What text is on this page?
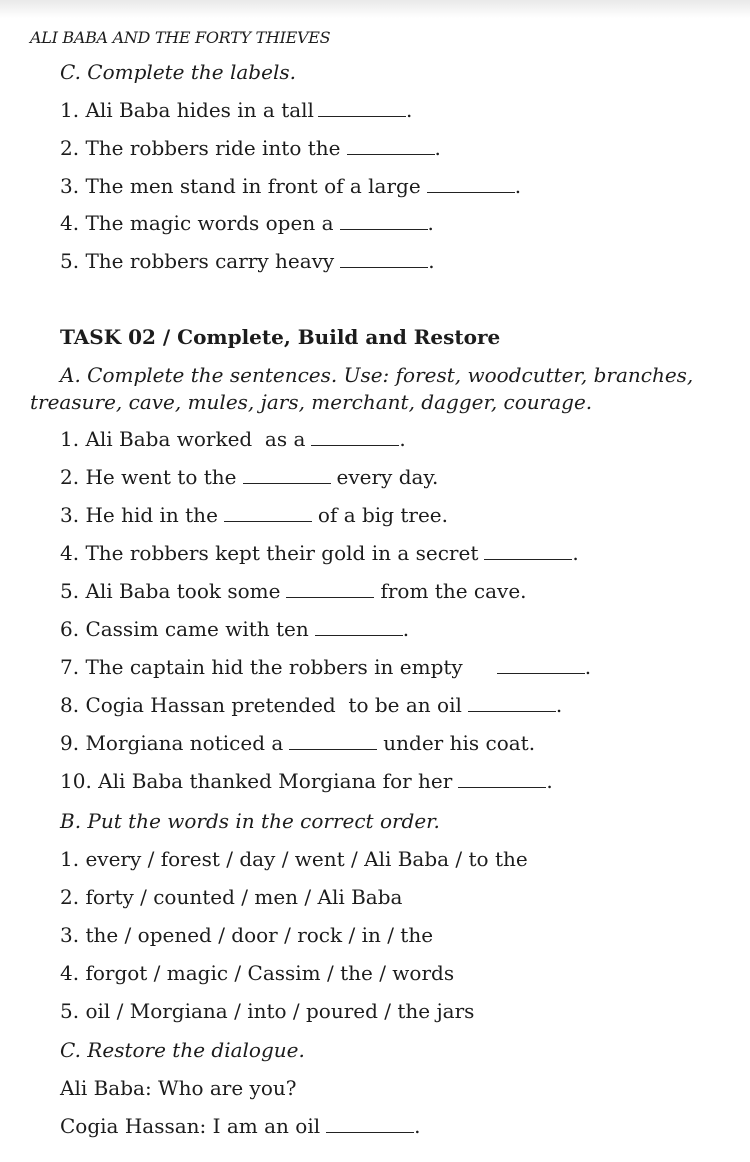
ALI BABA AND THE FORTY THIEVES
C. Complete the labels.
1. Ali Baba hides in a tall	.
2. The robbers ride into the	.
3. The men stand in front of a large	.
4. The magic words open a	.
5. The robbers carry heavy	.
TASK 02 / Complete, Build and Restore
A. Complete the sentences. Use: forest, woodcutter, branches, treasure, cave, mules, jars, merchant, dagger, courage.
1. Ali Baba worked  as a	.
2. He went to the	every day.
3. He hid in the	of a big tree.
4. The robbers kept their gold in a secret	.
5. Ali Baba took some	from the cave.
6. Cassim came with ten	.
7. The captain hid the robbers in empty	.
8. Cogia Hassan pretended  to be an oil	.
9. Morgiana noticed a	under his coat.
10. Ali Baba thanked Morgiana for her	.
B. Put the words in the correct order.
1. every / forest / day / went / Ali Baba / to the
2. forty / counted / men / Ali Baba
3. the / opened / door / rock / in / the
4. forgot / magic / Cassim / the / words
5. oil / Morgiana / into / poured / the jars
C. Restore the dialogue.
Ali Baba: Who are you?
Cogia Hassan: I am an oil	.
